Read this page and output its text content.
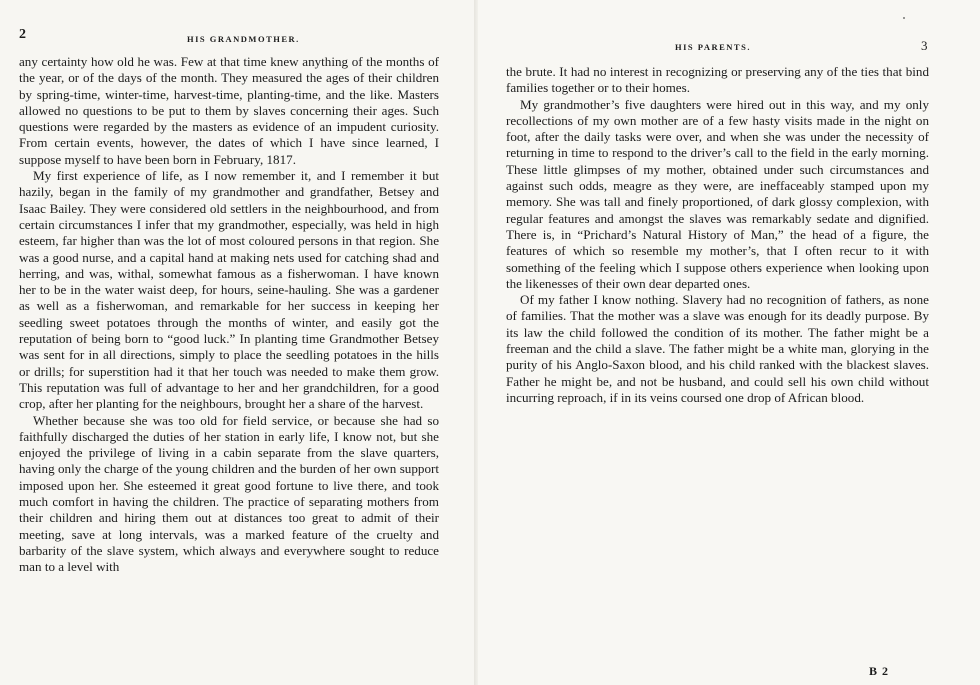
2	HIS GRANDMOTHER.

any certainty how old he was. Few at that time knew anything of the months of the year, or of the days of the month. They measured the ages of their children by spring-time, winter-time, harvest-time, planting-time, and the like. Masters allowed no questions to be put to them by slaves concerning their ages. Such questions were regarded by the masters as evidence of an impudent curiosity. From certain events, however, the dates of which I have since learned, I suppose myself to have been born in February, 1817.

My first experience of life, as I now remember it, and I remember it but hazily, began in the family of my grandmother and grandfather, Betsey and Isaac Bailey. They were considered old settlers in the neighbourhood, and from certain circumstances I infer that my grandmother, especially, was held in high esteem, far higher than was the lot of most coloured persons in that region. She was a good nurse, and a capital hand at making nets used for catching shad and herring, and was, withal, somewhat famous as a fisherwoman. I have known her to be in the water waist deep, for hours, seine-hauling. She was a gardener as well as a fisherwoman, and remarkable for her success in keeping her seedling sweet potatoes through the months of winter, and easily got the reputation of being born to “good luck.” In planting time Grandmother Betsey was sent for in all directions, simply to place the seedling potatoes in the hills or drills; for superstition had it that her touch was needed to make them grow. This reputation was full of advantage to her and her grandchildren, for a good crop, after her planting for the neighbours, brought her a share of the harvest.

Whether because she was too old for field service, or because she had so faithfully discharged the duties of her station in early life, I know not, but she enjoyed the privilege of living in a cabin separate from the slave quarters, having only the charge of the young children and the burden of her own support imposed upon her. She esteemed it great good fortune to live there, and took much comfort in having the children. The practice of separating mothers from their children and hiring them out at distances too great to admit of their meeting, save at long intervals, was a marked feature of the cruelty and barbarity of the slave system, which always and everywhere sought to reduce man to a level with

HIS PARENTS.	3

the brute. It had no interest in recognizing or preserving any of the ties that bind families together or to their homes.

My grandmother’s five daughters were hired out in this way, and my only recollections of my own mother are of a few hasty visits made in the night on foot, after the daily tasks were over, and when she was under the necessity of returning in time to respond to the driver’s call to the field in the early morning. These little glimpses of my mother, obtained under such circumstances and against such odds, meagre as they were, are ineffaceably stamped upon my memory. She was tall and finely proportioned, of dark glossy complexion, with regular features and amongst the slaves was remarkably sedate and dignified. There is, in “Prichard’s Natural History of Man,” the head of a figure, the features of which so resemble my mother’s, that I often recur to it with something of the feeling which I suppose others experience when looking upon the likenesses of their own dear departed ones.

Of my father I know nothing. Slavery had no recognition of fathers, as none of families. That the mother was a slave was enough for its deadly purpose. By its law the child followed the condition of its mother. The father might be a freeman and the child a slave. The father might be a white man, glorying in the purity of his Anglo-Saxon blood, and his child ranked with the blackest slaves. Father he might be, and not be husband, and could sell his own child without incurring reproach, if in its veins coursed one drop of African blood.

B 2
